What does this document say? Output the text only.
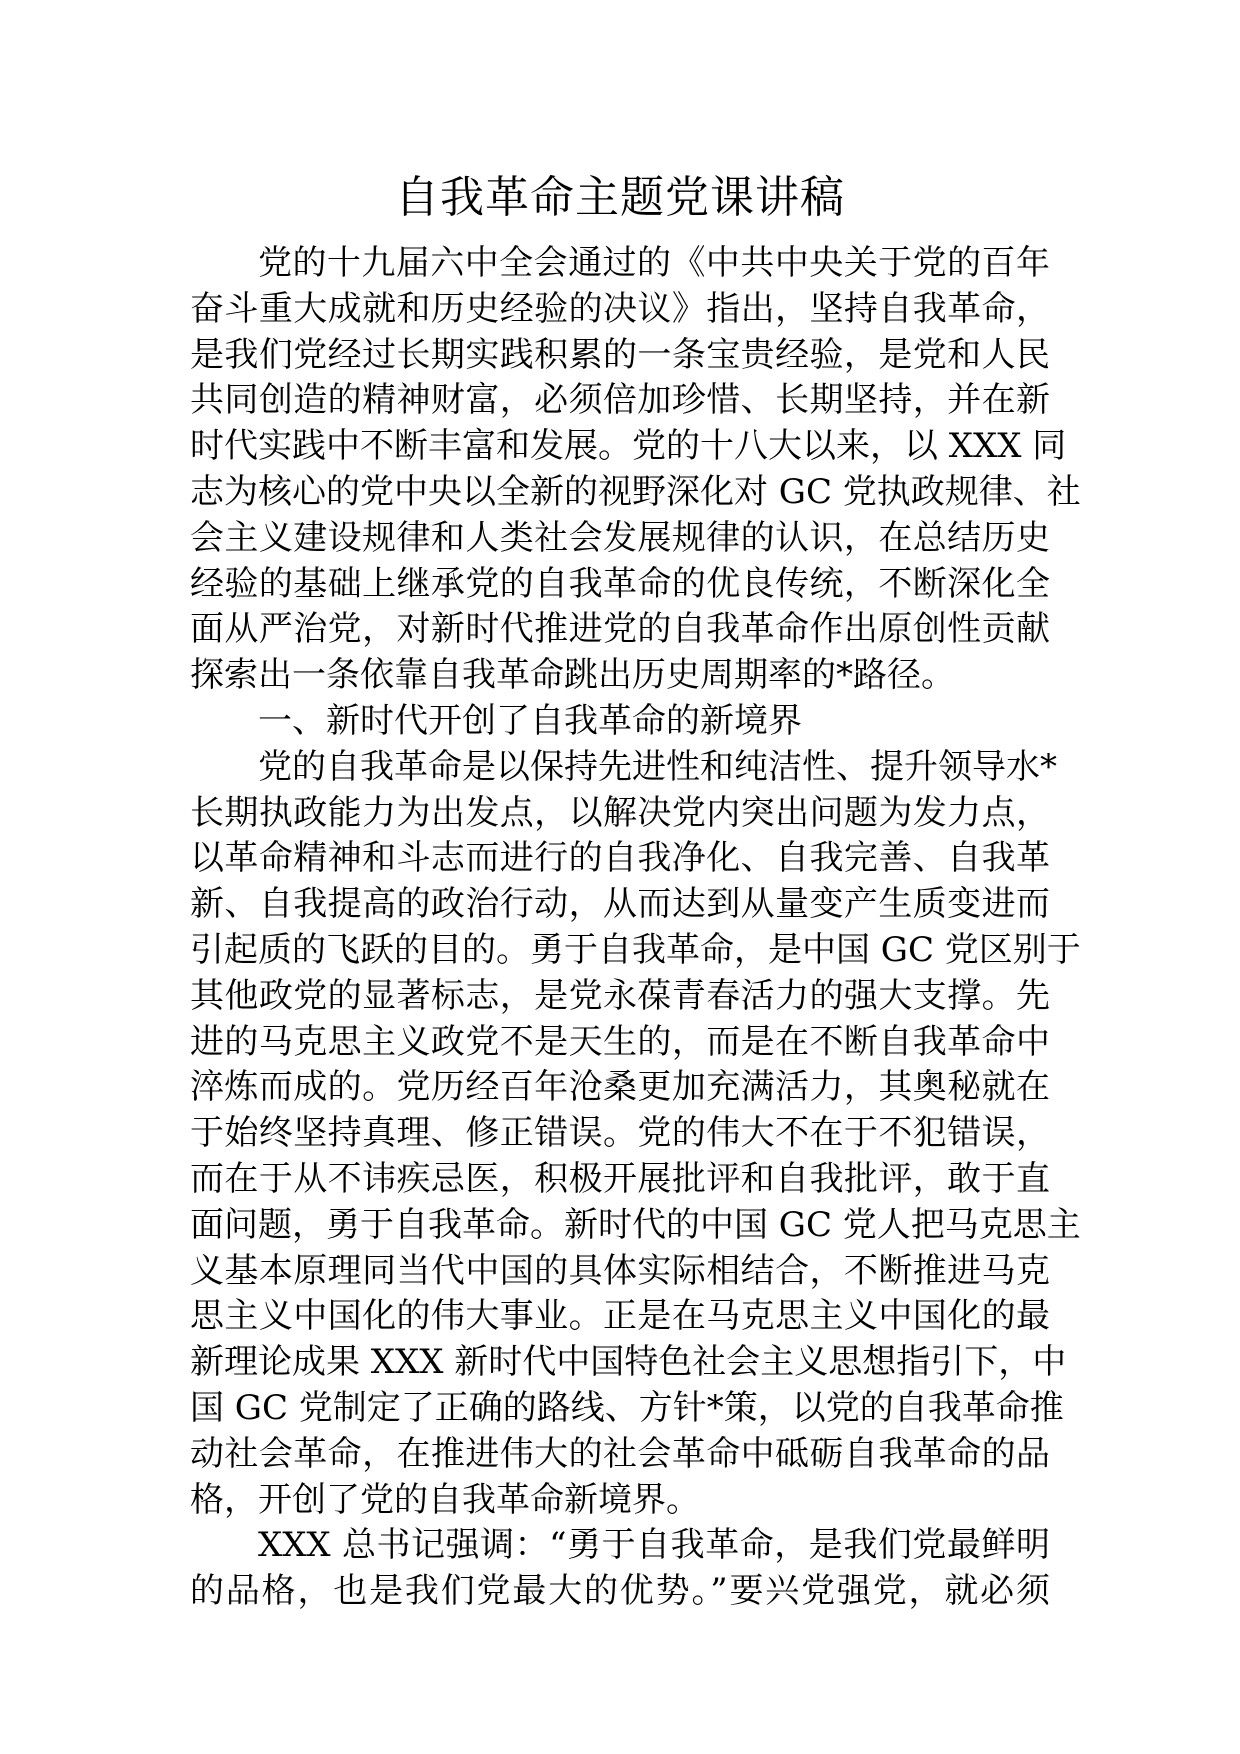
自我革命主题党课讲稿
党的十九届六中全会通过的《中共中央关于党的百年
奋斗重大成就和历史经验的决议》指出，坚持自我革命，
是我们党经过长期实践积累的一条宝贵经验，是党和人民
共同创造的精神财富，必须倍加珍惜、长期坚持，并在新
时代实践中不断丰富和发展。党的十八大以来，以 XXX 同
志为核心的党中央以全新的视野深化对 GC 党执政规律、社
会主义建设规律和人类社会发展规律的认识，在总结历史
经验的基础上继承党的自我革命的优良传统，不断深化全
面从严治党，对新时代推进党的自我革命作出原创性贡献
探索出一条依靠自我革命跳出历史周期率的*路径。
一、新时代开创了自我革命的新境界
党的自我革命是以保持先进性和纯洁性、提升领导水*
长期执政能力为出发点，以解决党内突出问题为发力点，
以革命精神和斗志而进行的自我净化、自我完善、自我革
新、自我提高的政治行动，从而达到从量变产生质变进而
引起质的飞跃的目的。勇于自我革命，是中国 GC 党区别于
其他政党的显著标志，是党永葆青春活力的强大支撑。先
进的马克思主义政党不是天生的，而是在不断自我革命中
淬炼而成的。党历经百年沧桑更加充满活力，其奥秘就在
于始终坚持真理、修正错误。党的伟大不在于不犯错误，
而在于从不讳疾忌医，积极开展批评和自我批评，敢于直
面问题，勇于自我革命。新时代的中国 GC 党人把马克思主
义基本原理同当代中国的具体实际相结合，不断推进马克
思主义中国化的伟大事业。正是在马克思主义中国化的最
新理论成果 XXX 新时代中国特色社会主义思想指引下，中
国 GC 党制定了正确的路线、方针*策，以党的自我革命推
动社会革命，在推进伟大的社会革命中砥砺自我革命的品
格，开创了党的自我革命新境界。
XXX 总书记强调：“勇于自我革命，是我们党最鲜明
的品格，也是我们党最大的优势。”要兴党强党，就必须
